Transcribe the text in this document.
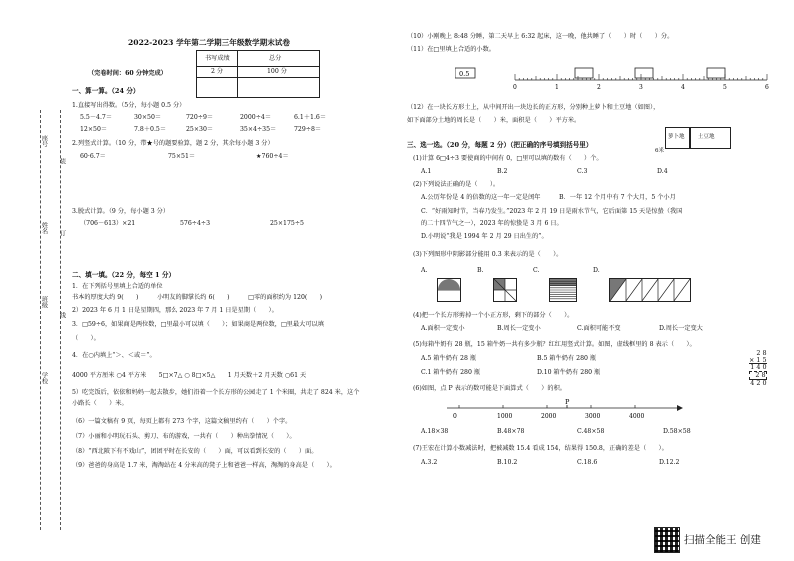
2022-2023 学年第二学期三年级数学期末试卷
（完卷时间：60 分钟完成）
书写成绩	总分
2 分	100 分
座号
姓名
班级
学校
装
订
线
一、算一算。（24 分）
1.直接写出得数。（5分，每小题 0.5 分）
5.5－4.7＝	30×50＝	720÷9＝	2000÷4＝	6.1＋1.6＝
12×50＝	7.8＋0.5＝	25×30＝	35×4÷35＝	729÷8＝
2.列竖式计算。（10 分，带★号的题要验算，题 2 分，其余每小题 3 分）
60·6.7＝	75×51＝	★760÷4＝
3.脱式计算。（9 分，每小题 3 分）
（706－613）×21	576÷4÷3	25×175÷5
二、填一填。（22 分，每空 1 分）
1．在下列括号里填上合适的单位
书本的厚度大约 9(　　)　　　小明友的脚掌长约 6(　　)　　　□零的面积约为 120(　　)
2）2023 年 6 月 1 日是星期四，那么 2023 年 7 月 1 日是星期（　　）。
3．□59÷6，如果商是两位数，□里最小可以填（　　）；如果商是两位数，□里最大可以填
（　　）。
4．在○内填上“＞、＜或＝”。
4000 平方厘米 ○4 平方米　　5□×7△ ○ 8□×5△　　1 月天数＋2 月天数 ○61 天
5）吃完饭后，依依和妈妈一起去散步，她们沿着一个长方形的公园走了 1 个米圈，共走了 824 米，这个
小路长（　　）米。
（6）一篇文稿有 9 页，每页上都有 273 个字，这篇文稿里约有（　　）个字。
（7）小丽和小明玩石头、剪刀、布的游戏，一共有（　　）种出拳情况（　　）。
（8）“西北陂下有不戏山”，团团平时在长安的（　　）面，可以看到长安的（　　）面。
（9）爸爸的身高是 1.7 米，淘淘站在 4 分米高的凳子上和爸爸一样高，淘淘的身高是（　　）。
（10）小刚晚上 8:48 分睡，第二天早上 6:32 起床，这一晚，他共睡了（　　）时（　　）分。
（11）在□里填上合适的小数。
0.5
0	1	2	3	4	5	6
（12）在一块长方形土上，从中间开出一块边长的正方形，分别种上萝卜和土豆地（如图），
如下面部分土地的周长是（　　）米，面积是（　　）平方米。
萝卜地 土豆地
6米
三、选一选。（20 分，每题 2 分）（把正确的序号填到括号里）
(1)计算 6□4÷3 要使商的中间有 0，□里可以填的数有（　　）个。
A.1	B.2	C.3	D.4
(2)下列说法正确的是（　　）。
A.公历年份是 4 的倍数的这一年一定是闰年　　　B．一年 12 个月中有 7 个大月，5 个小月
C．“好雨知时节，当春乃发生。”2023 年 2 月 19 日是雨水节气，它后面第 15 天是惊蛰（我国
的二十四节气之一），2023 年的惊蛰是 3 月 6 日。
D.小明说“我是 1994 年 2 月 29 日出生的”。
(3)下列图形中阴影部分能用 0.3 来表示的是（　　）。
A.	B.	C.	D.
(4)把一个长方形剪掉一个小正方形，剩下的部分（　　）。
A.面积一定变小	B.周长一定变小	C.面积可能不变	D.周长一定变大
(5)每箱牛奶有 28 瓶，15 箱牛奶一共有多少瓶？红红用竖式计算。如图，虚线框里的 8 表示（　　）。
A.5 箱牛奶有 28 瓶	B.5 箱牛奶有 280 瓶
C.1 箱牛奶有 280 瓶	D.10 箱牛奶有 280 瓶
2 8
× 1 5
1 4 0
2 8
4 2 0
(6)如图，点 P 表示的数可能是下面算式（　　）的积。
0	1000	2000	3000	4000
P
A.18×38	B.48×78	C.48×58	D.58×58
(7)王宏在计算小数减法时，把被减数 15.4 看成 154，结果得 150.8，正确的差是（　　）。
A.3.2	B.10.2	C.18.6	D.12.2
扫描全能王 创建
